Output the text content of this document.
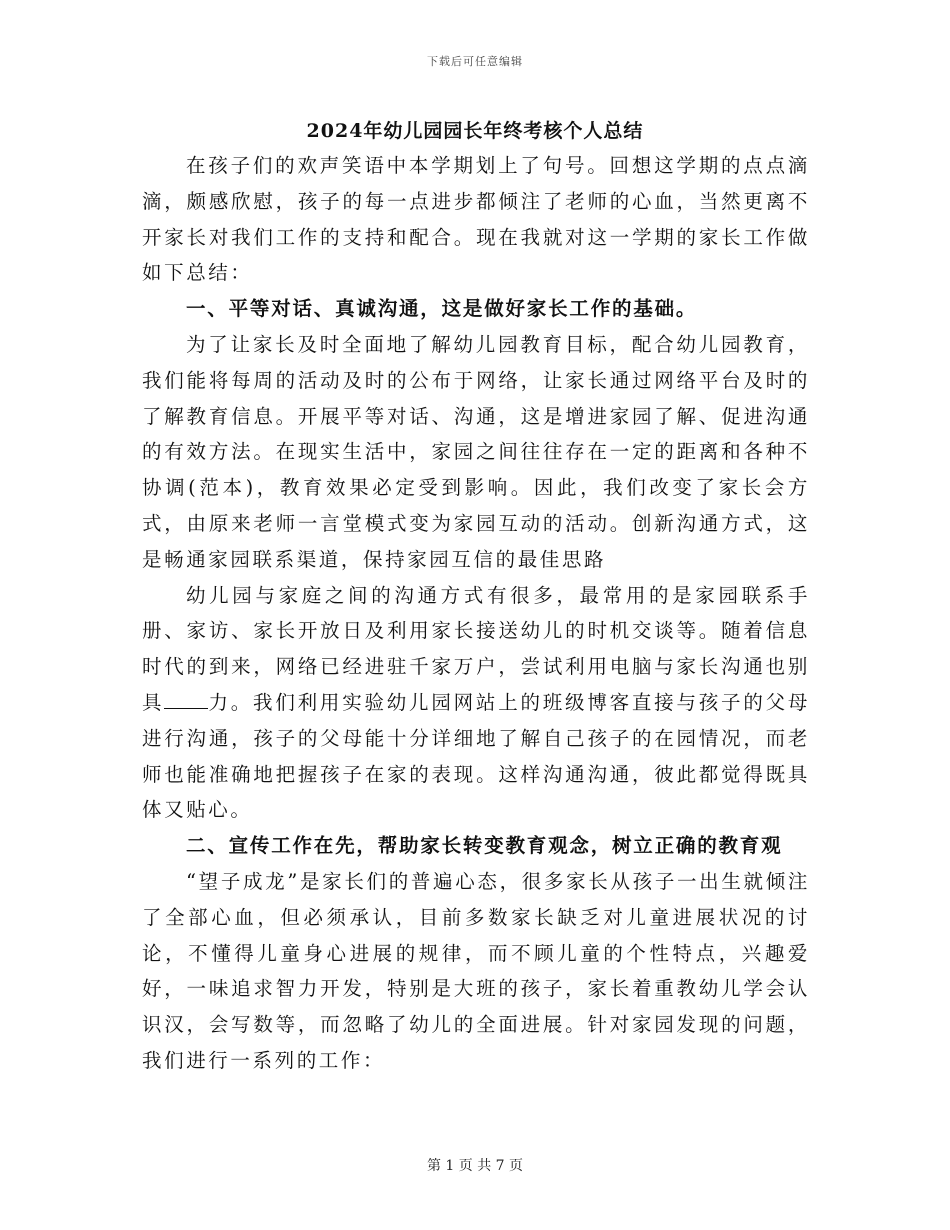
下载后可任意编辑
2024年幼儿园园长年终考核个人总结

在孩子们的欢声笑语中本学期划上了句号。回想这学期的点点滴滴，颇感欣慰，孩子的每一点进步都倾注了老师的心血，当然更离不开家长对我们工作的支持和配合。现在我就对这一学期的家长工作做如下总结：

一、平等对话、真诚沟通，这是做好家长工作的基础。

为了让家长及时全面地了解幼儿园教育目标，配合幼儿园教育，我们能将每周的活动及时的公布于网络，让家长通过网络平台及时的了解教育信息。开展平等对话、沟通，这是增进家园了解、促进沟通的有效方法。在现实生活中，家园之间往往存在一定的距离和各种不协调(范本)，教育效果必定受到影响。因此，我们改变了家长会方式，由原来老师一言堂模式变为家园互动的活动。创新沟通方式，这是畅通家园联系渠道，保持家园互信的最佳思路

幼儿园与家庭之间的沟通方式有很多，最常用的是家园联系手册、家访、家长开放日及利用家长接送幼儿的时机交谈等。随着信息时代的到来，网络已经进驻千家万户，尝试利用电脑与家长沟通也别具 力。我们利用实验幼儿园网站上的班级博客直接与孩子的父母进行沟通，孩子的父母能十分详细地了解自己孩子的在园情况，而老师也能准确地把握孩子在家的表现。这样沟通沟通，彼此都觉得既具体又贴心。

二、宣传工作在先，帮助家长转变教育观念，树立正确的教育观

“望子成龙”是家长们的普遍心态，很多家长从孩子一出生就倾注了全部心血，但必须承认，目前多数家长缺乏对儿童进展状况的讨论，不懂得儿童身心进展的规律，而不顾儿童的个性特点，兴趣爱好，一味追求智力开发，特别是大班的孩子，家长着重教幼儿学会认识汉，会写数等，而忽略了幼儿的全面进展。针对家园发现的问题，我们进行一系列的工作：

第 1 页 共 7 页
